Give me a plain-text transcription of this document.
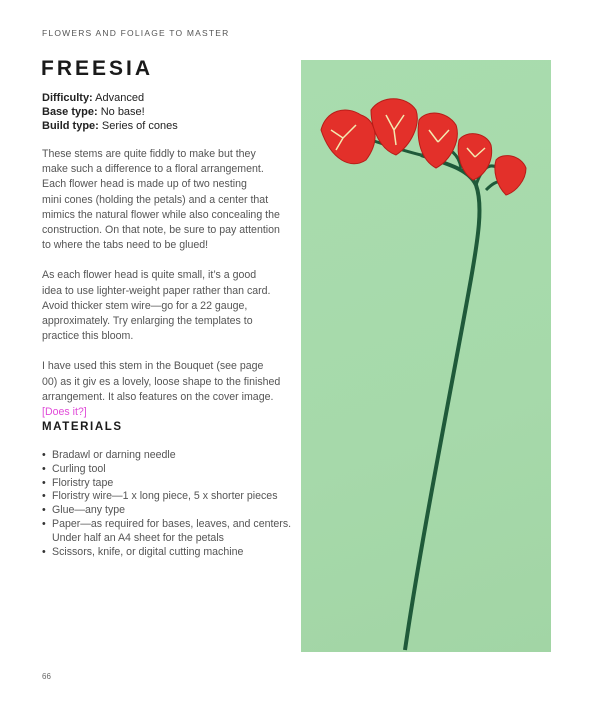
FLOWERS AND FOLIAGE TO MASTER
FREESIA
Difficulty: Advanced
Base type: No base!
Build type: Series of cones
These stems are quite fiddly to make but they
make such a difference to a floral arrangement.
Each flower head is made up of two nesting
mini cones (holding the petals) and a center that
mimics the natural flower while also concealing the
construction. On that note, be sure to pay attention
to where the tabs need to be glued!
As each flower head is quite small, it’s a good
idea to use lighter-weight paper rather than card.
Avoid thicker stem wire—go for a 22 gauge,
approximately. Try enlarging the templates to
practice this bloom.
I have used this stem in the Bouquet (see page
00) as it giv es a lovely, loose shape to the finished
arrangement. It also features on the cover image.
[Does it?]
MATERIALS
• Bradawl or darning needle
• Curling tool
• Floristry tape
• Floristry wire—1 x long piece, 5 x shorter pieces
• Glue—any type
• Paper—as required for bases, leaves, and centers.
Under half an A4 sheet for the petals
• Scissors, knife, or digital cutting machine
66
